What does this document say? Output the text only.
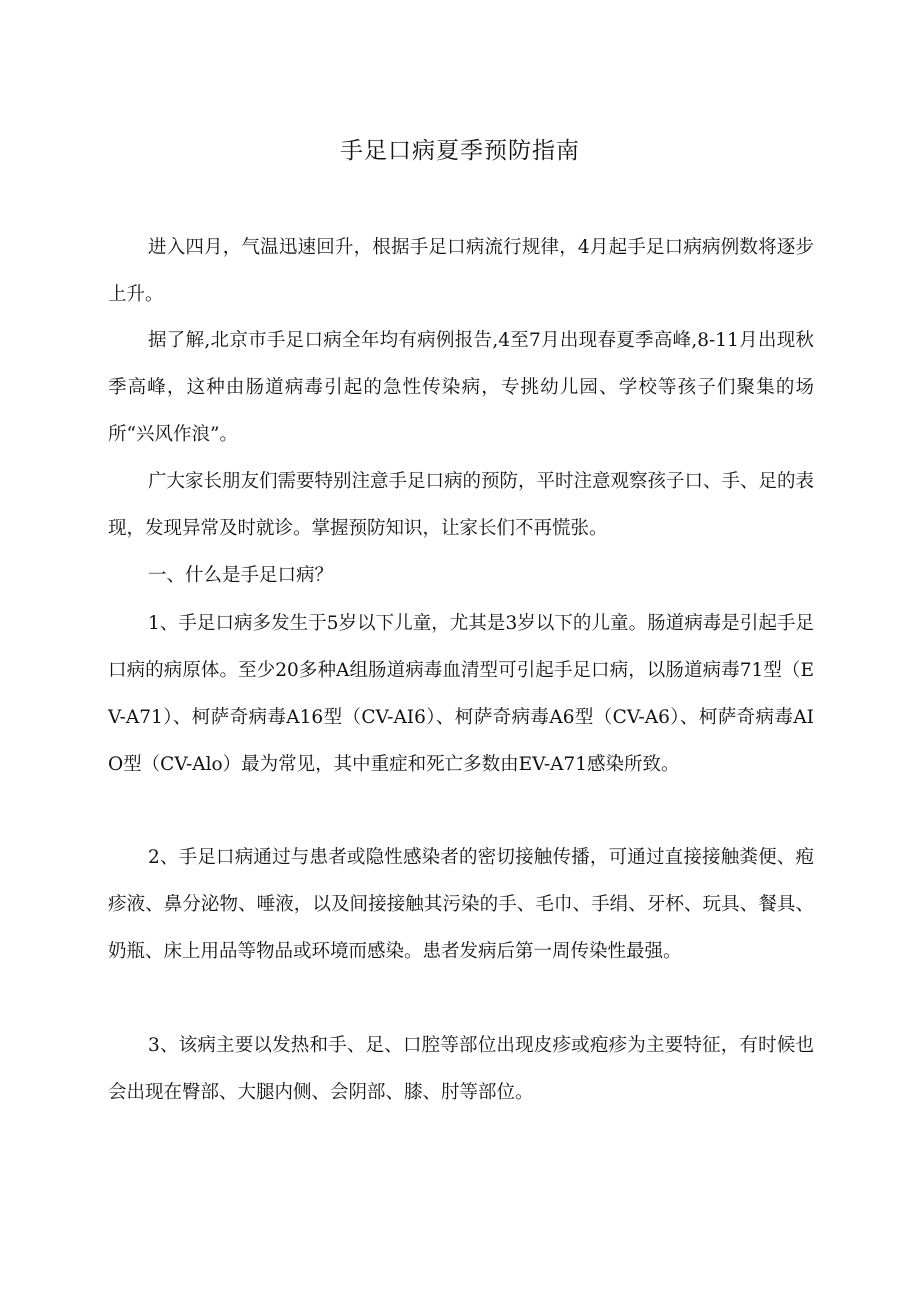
手足口病夏季预防指南

进入四月，气温迅速回升，根据手足口病流行规律，4月起手足口病病例数将逐步上升。

据了解,北京市手足口病全年均有病例报告,4至7月出现春夏季高峰,8-11月出现秋季高峰，这种由肠道病毒引起的急性传染病，专挑幼儿园、学校等孩子们聚集的场所“兴风作浪”。

广大家长朋友们需要特别注意手足口病的预防，平时注意观察孩子口、手、足的表现，发现异常及时就诊。掌握预防知识，让家长们不再慌张。

一、什么是手足口病？

1、手足口病多发生于5岁以下儿童，尤其是3岁以下的儿童。肠道病毒是引起手足口病的病原体。至少20多种A组肠道病毒血清型可引起手足口病，以肠道病毒71型（EV-A71）、柯萨奇病毒A16型（CV-AI6）、柯萨奇病毒A6型（CV-A6）、柯萨奇病毒AIO型（CV-Alo）最为常见，其中重症和死亡多数由EV-A71感染所致。

2、手足口病通过与患者或隐性感染者的密切接触传播，可通过直接接触粪便、疱疹液、鼻分泌物、唾液，以及间接接触其污染的手、毛巾、手绢、牙杯、玩具、餐具、奶瓶、床上用品等物品或环境而感染。患者发病后第一周传染性最强。

3、该病主要以发热和手、足、口腔等部位出现皮疹或疱疹为主要特征，有时候也会出现在臀部、大腿内侧、会阴部、膝、肘等部位。
